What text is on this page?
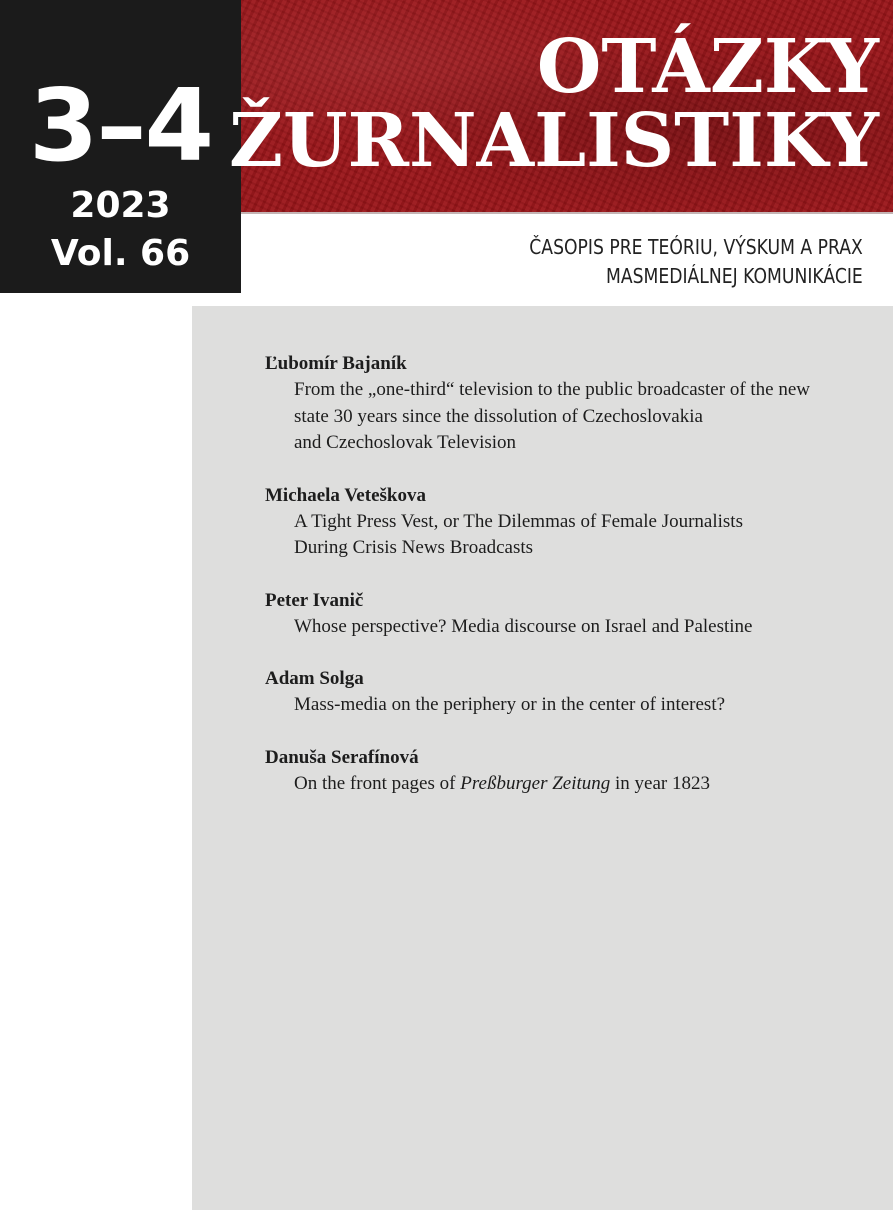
3–4
2023
Vol. 66
OTÁZKY
ŽURNALISTIKY
ČASOPIS PRE TEÓRIU, VÝSKUM A PRAX
MASMEDIÁLNEJ KOMUNIKÁCIE
Ľubomír Bajaník
From the „one-third“ television to the public broadcaster of the new
state 30 years since the dissolution of Czechoslovakia
and Czechoslovak Television
Michaela Veteškova
A Tight Press Vest, or The Dilemmas of Female Journalists
During Crisis News Broadcasts
Peter Ivanič
Whose perspective? Media discourse on Israel and Palestine
Adam Solga
Mass-media on the periphery or in the center of interest?
Danuša Serafínová
On the front pages of Preßburger Zeitung in year 1823
